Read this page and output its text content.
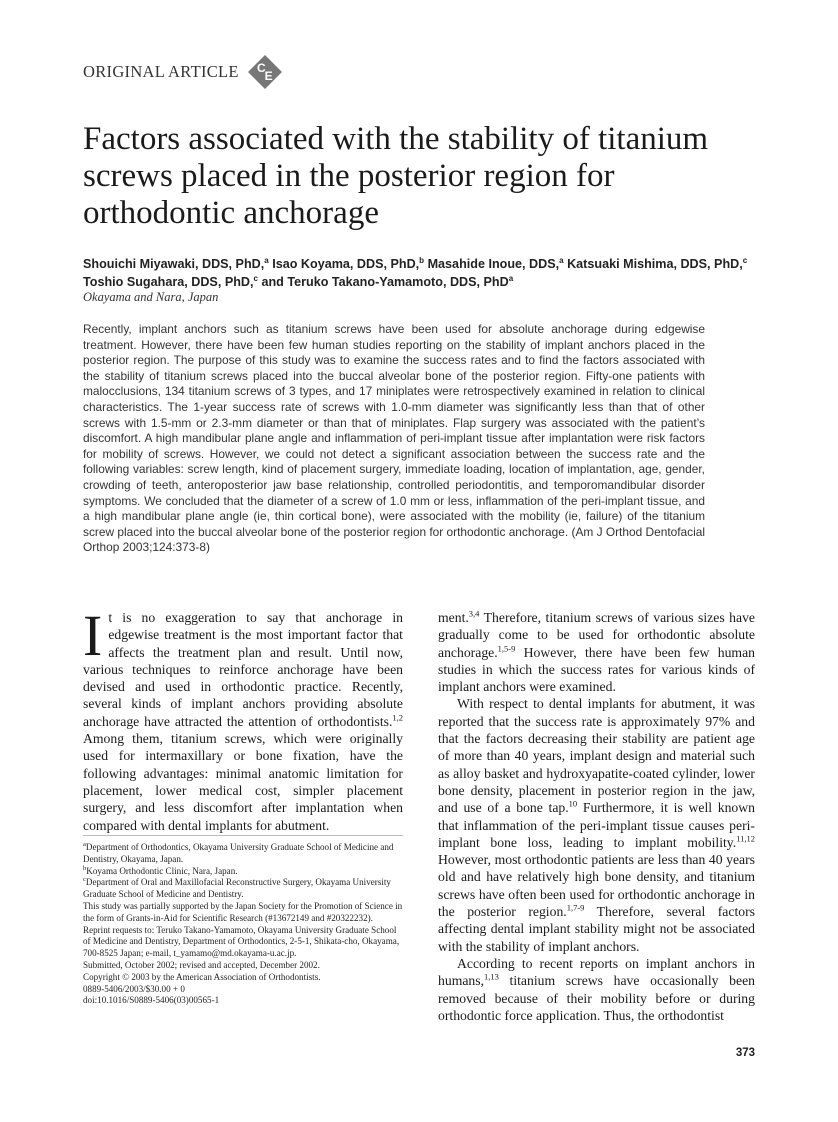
ORIGINAL ARTICLE	CE
Factors associated with the stability of titanium screws placed in the posterior region for orthodontic anchorage
Shouichi Miyawaki, DDS, PhD,$^a$ Isao Koyama, DDS, PhD,$^b$ Masahide Inoue, DDS,$^a$ Katsuaki Mishima, DDS, PhD,$^c$ Toshio Sugahara, DDS, PhD,$^c$ and Teruko Takano-Yamamoto, DDS, PhD$^a$
Okayama and Nara, Japan

Recently, implant anchors such as titanium screws have been used for absolute anchorage during edgewise treatment. However, there have been few human studies reporting on the stability of implant anchors placed in the posterior region. The purpose of this study was to examine the success rates and to find the factors associated with the stability of titanium screws placed into the buccal alveolar bone of the posterior region. Fifty-one patients with malocclusions, 134 titanium screws of 3 types, and 17 miniplates were retrospectively examined in relation to clinical characteristics. The 1-year success rate of screws with 1.0-mm diameter was significantly less than that of other screws with 1.5-mm or 2.3-mm diameter or than that of miniplates. Flap surgery was associated with the patient’s discomfort. A high mandibular plane angle and inflammation of peri-implant tissue after implantation were risk factors for mobility of screws. However, we could not detect a significant association between the success rate and the following variables: screw length, kind of placement surgery, immediate loading, location of implantation, age, gender, crowding of teeth, anteroposterior jaw base relationship, controlled periodontitis, and temporomandibular disorder symptoms. We concluded that the diameter of a screw of 1.0 mm or less, inflammation of the peri-implant tissue, and a high mandibular plane angle (ie, thin cortical bone), were associated with the mobility (ie, failure) of the titanium screw placed into the buccal alveolar bone of the posterior region for orthodontic anchorage. (Am J Orthod Dentofacial Orthop 2003;124:373-8)

It is no exaggeration to say that anchorage in edgewise treatment is the most important factor that affects the treatment plan and result. Until now, various techniques to reinforce anchorage have been devised and used in orthodontic practice. Recently, several kinds of implant anchors providing absolute anchorage have attracted the attention of orthodontists.$^{1,2}$ Among them, titanium screws, which were originally used for intermaxillary or bone fixation, have the following advantages: minimal anatomic limitation for placement, lower medical cost, simpler placement surgery, and less discomfort after implantation when compared with dental implants for abutment.

ment.$^{3,4}$ Therefore, titanium screws of various sizes have gradually come to be used for orthodontic absolute anchorage.$^{1,5-9}$ However, there have been few human studies in which the success rates for various kinds of implant anchors were examined.

With respect to dental implants for abutment, it was reported that the success rate is approximately 97% and that the factors decreasing their stability are patient age of more than 40 years, implant design and material such as alloy basket and hydroxyapatite-coated cylinder, lower bone density, placement in posterior region in the jaw, and use of a bone tap.$^{10}$ Furthermore, it is well known that inflammation of the peri-implant tissue causes peri-implant bone loss, leading to implant mobility.$^{11,12}$ However, most orthodontic patients are less than 40 years old and have relatively high bone density, and titanium screws have often been used for orthodontic anchorage in the posterior region.$^{1,7-9}$ Therefore, several factors affecting dental implant stability might not be associated with the stability of implant anchors.

According to recent reports on implant anchors in humans,$^{1,13}$ titanium screws have occasionally been removed because of their mobility before or during orthodontic force application. Thus, the orthodontist

$^a$Department of Orthodontics, Okayama University Graduate School of Medicine and Dentistry, Okayama, Japan.
$^b$Koyama Orthodontic Clinic, Nara, Japan.
$^c$Department of Oral and Maxillofacial Reconstructive Surgery, Okayama University Graduate School of Medicine and Dentistry.
This study was partially supported by the Japan Society for the Promotion of Science in the form of Grants-in-Aid for Scientific Research (#13672149 and #20322232).
Reprint requests to: Teruko Takano-Yamamoto, Okayama University Graduate School of Medicine and Dentistry, Department of Orthodontics, 2-5-1, Shikata-cho, Okayama, 700-8525 Japan; e-mail, t_yamamo@md.okayama-u.ac.jp.
Submitted, October 2002; revised and accepted, December 2002.
Copyright © 2003 by the American Association of Orthodontists.
0889-5406/2003/$30.00 + 0
doi:10.1016/S0889-5406(03)00565-1
373
